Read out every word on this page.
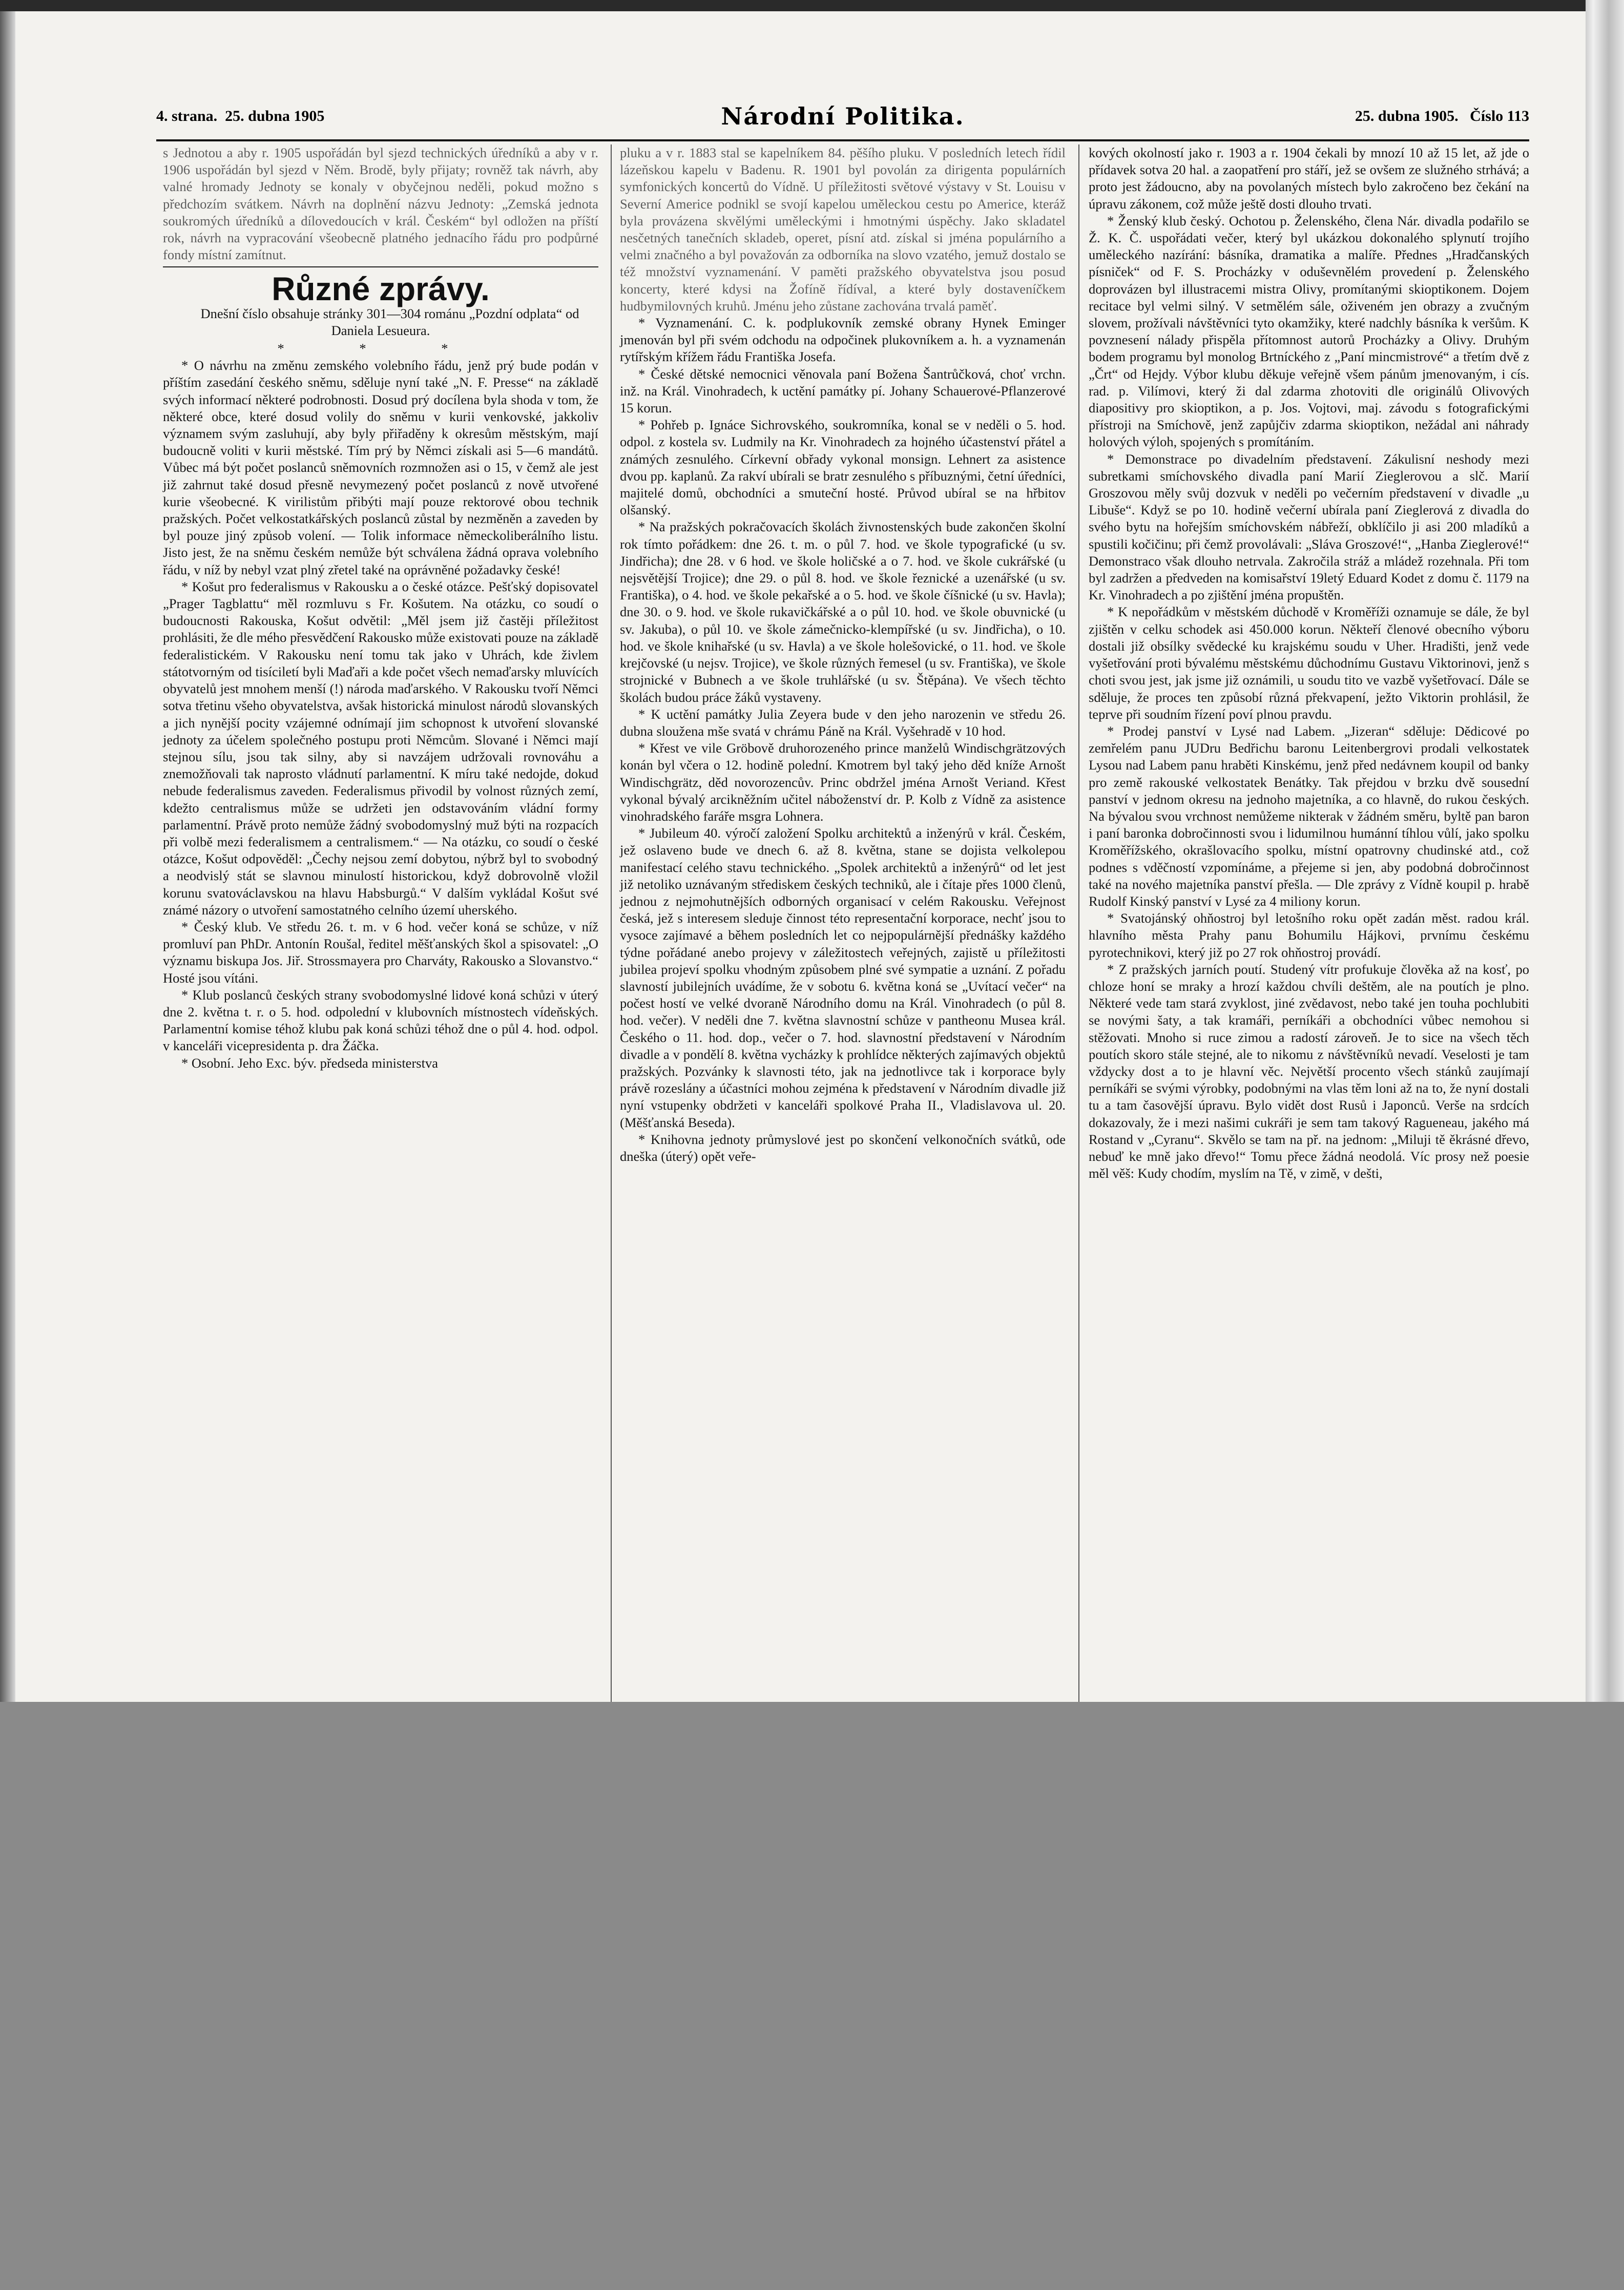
4. strana. 25. dubna 1905	Národní Politika.	25. dubna 1905. Číslo 113

s Jednotou a aby r. 1905 uspořádán byl sjezd technických úředníků a aby v r. 1906 uspořádán byl sjezd v Něm. Brodě, byly přijaty; rovněž tak návrh, aby valné hromady Jednoty se konaly v obyčejnou neděli, pokud možno s předchozím svátkem. Návrh na doplnění názvu Jednoty: „Zemská jednota soukromých úředníků a dílovedoucích v král. Českém“ byl odložen na příští rok, návrh na vypracování všeobecně platného jednacího řádu pro podpůrné fondy místní zamítnut.

Různé zprávy.

Dnešní číslo obsahuje stránky 301—304 románu „Pozdní odplata“ od Daniela Lesueura.

* * *

* O návrhu na změnu zemského volebního řádu, jenž prý bude podán v příštím zasedání českého sněmu, sděluje nyní také „N. F. Presse“ na základě svých informací některé podrobnosti. Dosud prý docílena byla shoda v tom, že některé obce, které dosud volily do sněmu v kurii venkovské, jakkoliv významem svým zasluhují, aby byly přiřaděny k okresům městským, mají budoucně voliti v kurii městské. Tím prý by Němci získali asi 5—6 mandátů. Vůbec má být počet poslanců sněmovních rozmnožen asi o 15, v čemž ale jest již zahrnut také dosud přesně nevymezený počet poslanců z nově utvořené kurie všeobecné. K virilistům přibýti mají pouze rektorové obou technik pražských. Počet velkostatkářských poslanců zůstal by nezměněn a zaveden by byl pouze jiný způsob volení. — Tolik informace německoliberálního listu. Jisto jest, že na sněmu českém nemůže být schválena žádná oprava volebního řádu, v níž by nebyl vzat plný zřetel také na oprávněné požadavky české!

* Košut pro federalismus v Rakousku a o české otázce. Pešťský dopisovatel „Prager Tagblattu“ měl rozmluvu s Fr. Košutem. Na otázku, co soudí o budoucnosti Rakouska, Košut odvětil: „Měl jsem již častěji příležitost prohlásiti, že dle mého přesvědčení Rakousko může existovati pouze na základě federalistickém. V Rakousku není tomu tak jako v Uhrách, kde živlem státotvorným od tisíciletí byli Maďaři a kde počet všech nemaďarsky mluvících obyvatelů jest mnohem menší (!) národa maďarského. V Rakousku tvoří Němci sotva třetinu všeho obyvatelstva, avšak historická minulost národů slovanských a jich nynější pocity vzájemné odnímají jim schopnost k utvoření slovanské jednoty za účelem společného postupu proti Němcům. Slované i Němci mají stejnou sílu, jsou tak silny, aby si navzájem udržovali rovnováhu a znemožňovali tak naprosto vládnutí parlamentní. K míru také nedojde, dokud nebude federalismus zaveden. Federalismus přivodil by volnost různých zemí, kdežto centralismus může se udržeti jen odstavováním vládní formy parlamentní. Právě proto nemůže žádný svobodomyslný muž býti na rozpacích při volbě mezi federalismem a centralismem.“ — Na otázku, co soudí o české otázce, Košut odpověděl: „Čechy nejsou zemí dobytou, nýbrž byl to svobodný a neodvislý stát se slavnou minulostí historickou, když dobrovolně vložil korunu svatováclavskou na hlavu Habsburgů.“ V dalším vykládal Košut své známé názory o utvoření samostatného celního území uherského.

* Český klub. Ve středu 26. t. m. v 6 hod. večer koná se schůze, v níž promluví pan PhDr. Antonín Roušal, ředitel měšťanských škol a spisovatel: „O významu biskupa Jos. Jiř. Strossmayera pro Charváty, Rakousko a Slovanstvo.“ Hosté jsou vítáni.

* Klub poslanců českých strany svobodomyslné lidové koná schůzi v úterý dne 2. května t. r. o 5. hod. odpolední v klubovních místnostech vídeňských. Parlamentní komise téhož klubu pak koná schůzi téhož dne o půl 4. hod. odpol. v kanceláři vicepresidenta p. dra Žáčka.

* Osobní. Jeho Exc. býv. předseda ministerstva

pluku a v r. 1883 stal se kapelníkem 84. pěšího pluku. V posledních letech řídil lázeňskou kapelu v Badenu. R. 1901 byl povolán za dirigenta populárních symfonických koncertů do Vídně. U příležitosti světové výstavy v St. Louisu v Severní Americe podnikl se svojí kapelou uměleckou cestu po Americe, kteráž byla provázena skvělými uměleckými i hmotnými úspěchy. Jako skladatel nesčetných tanečních skladeb, operet, písní atd. získal si jména populárního a velmi značného a byl považován za odborníka na slovo vzatého, jemuž dostalo se též množství vyznamenání. V paměti pražského obyvatelstva jsou posud koncerty, které kdysi na Žofíně řídíval, a které byly dostaveníčkem hudbymilovných kruhů. Jménu jeho zůstane zachována trvalá paměť.

* Vyznamenání. C. k. podplukovník zemské obrany Hynek Eminger jmenován byl při svém odchodu na odpočinek plukovníkem a. h. a vyznamenán rytířským křížem řádu Františka Josefa.

* České dětské nemocnici věnovala paní Božena Šantrůčková, choť vrchn. inž. na Král. Vinohradech, k uctění památky pí. Johany Schauerové-Pflanzerové 15 korun.

* Pohřeb p. Ignáce Sichrovského, soukromníka, konal se v neděli o 5. hod. odpol. z kostela sv. Ludmily na Kr. Vinohradech za hojného účastenství přátel a známých zesnulého. Církevní obřady vykonal monsign. Lehnert za asistence dvou pp. kaplanů. Za rakví ubírali se bratr zesnulého s příbuznými, četní úředníci, majitelé domů, obchodníci a smuteční hosté. Průvod ubíral se na hřbitov olšanský.

* Na pražských pokračovacích školách živnostenských bude zakončen školní rok tímto pořádkem: dne 26. t. m. o půl 7. hod. ve škole typografické (u sv. Jindřicha); dne 28. v 6 hod. ve škole holičské a o 7. hod. ve škole cukrářské (u nejsvětější Trojice); dne 29. o půl 8. hod. ve škole řeznické a uzenářské (u sv. Františka), o 4. hod. ve škole pekařské a o 5. hod. ve škole číšnické (u sv. Havla); dne 30. o 9. hod. ve škole rukavičkářské a o půl 10. hod. ve škole obuvnické (u sv. Jakuba), o půl 10. ve škole zámečnicko-klempířské (u sv. Jindřicha), o 10. hod. ve škole knihařské (u sv. Havla) a ve škole holešovické, o 11. hod. ve škole krejčovské (u nejsv. Trojice), ve škole různých řemesel (u sv. Františka), ve škole strojnické v Bubnech a ve škole truhlářské (u sv. Štěpána). Ve všech těchto školách budou práce žáků vystaveny.

* K uctění památky Julia Zeyera bude v den jeho narozenin ve středu 26. dubna sloužena mše svatá v chrámu Páně na Král. Vyšehradě v 10 hod.

* Křest ve vile Gröbově druhorozeného prince manželů Windischgrätzových konán byl včera o 12. hodině polední. Kmotrem byl taký jeho děd kníže Arnošt Windischgrätz, děd novorozencův. Princ obdržel jména Arnošt Veriand. Křest vykonal bývalý arcikněžním učitel náboženství dr. P. Kolb z Vídně za asistence vinohradského faráře msgra Lohnera.

* Jubileum 40. výročí založení Spolku architektů a inženýrů v král. Českém, jež oslaveno bude ve dnech 6. až 8. května, stane se dojista velkolepou manifestací celého stavu technického. „Spolek architektů a inženýrů“ od let jest již netoliko uznávaným střediskem českých techniků, ale i čítaje přes 1000 členů, jednou z nejmohutnějších odborných organisací v celém Rakousku. Veřejnost česká, jež s interesem sleduje činnost této representační korporace, nechť jsou to vysoce zajímavé a během posledních let co nejpopulárnější přednášky každého týdne pořádané anebo projevy v záležitostech veřejných, zajistě u příležitosti jubilea projeví spolku vhodným způsobem plné své sympatie a uznání. Z pořadu slavností jubilejních uvádíme, že v sobotu 6. května koná se „Uvítací večer“ na počest hostí ve velké dvoraně Národního domu na Král. Vinohradech (o půl 8. hod. večer). V neděli dne 7. května slavnostní schůze v pantheonu Musea král. Českého o 11. hod. dop., večer o 7. hod. slavnostní představení v Národním divadle a v pondělí 8. května vycházky k prohlídce některých zajímavých objektů pražských. Pozvánky k slavnosti této, jak na jednotlivce tak i korporace byly právě rozeslány a účastníci mohou zejména k představení v Národním divadle již nyní vstupenky obdržeti v kanceláři spolkové Praha II., Vladislavova ul. 20. (Měšťanská Beseda).

* Knihovna jednoty průmyslové jest po skončení velkonočních svátků, ode dneška (úterý) opět veře-

kových okolností jako r. 1903 a r. 1904 čekali by mnozí 10 až 15 let, až jde o přídavek sotva 20 hal. a zaopatření pro stáří, jež se ovšem ze služného strhává; a proto jest žádoucno, aby na povolaných místech bylo zakročeno bez čekání na úpravu zákonem, což může ještě dosti dlouho trvati.

* Ženský klub český. Ochotou p. Želenského, člena Nár. divadla podařilo se Ž. K. Č. uspořádati večer, který byl ukázkou dokonalého splynutí trojího uměleckého nazírání: básníka, dramatika a malíře. Přednes „Hradčanských písniček“ od F. S. Procházky v oduševnělém provedení p. Želenského doprovázen byl illustracemi mistra Olivy, promítanými skioptikonem. Dojem recitace byl velmi silný. V setmělém sále, oživeném jen obrazy a zvučným slovem, prožívali návštěvníci tyto okamžiky, které nadchly básníka k veršům. K povznesení nálady přispěla přítomnost autorů Procházky a Olivy. Druhým bodem programu byl monolog Brtníckého z „Paní mincmistrové“ a třetím dvě z „Črt“ od Hejdy. Výbor klubu děkuje veřejně všem pánům jmenovaným, i cís. rad. p. Vilímovi, který ži dal zdarma zhotoviti dle originálů Olivových diapositivy pro skioptikon, a p. Jos. Vojtovi, maj. závodu s fotografickými přístroji na Smíchově, jenž zapůjčiv zdarma skioptikon, nežádal ani náhrady holových výloh, spojených s promítáním.

* Demonstrace po divadelním představení. Zákulisní neshody mezi subretkami smíchovského divadla paní Marií Zieglerovou a slč. Marií Groszovou měly svůj dozvuk v neděli po večerním představení v divadle „u Libuše“. Když se po 10. hodině večerní ubírala paní Zieglerová z divadla do svého bytu na hořejším smíchovském nábřeží, obklíčilo ji asi 200 mladíků a spustili kočičinu; při čemž provolávali: „Sláva Groszové!“, „Hanba Zieglerové!“ Demonstraco však dlouho netrvala. Zakročila stráž a mládež rozehnala. Při tom byl zadržen a předveden na komisařství 19letý Eduard Kodet z domu č. 1179 na Kr. Vinohradech a po zjištění jména propuštěn.

* K nepořádkům v městském důchodě v Kroměříži oznamuje se dále, že byl zjištěn v celku schodek asi 450.000 korun. Někteří členové obecního výboru dostali již obsílky svědecké ku krajskému soudu v Uher. Hradišti, jenž vede vyšetřování proti bývalému městskému důchodnímu Gustavu Viktorinovi, jenž s choti svou jest, jak jsme již oznámili, u soudu tito ve vazbě vyšetřovací. Dále se sděluje, že proces ten způsobí různá překvapení, ježto Viktorin prohlásil, že teprve při soudním řízení poví plnou pravdu.

* Prodej panství v Lysé nad Labem. „Jizeran“ sděluje: Dědicové po zemřelém panu JUDru Bedřichu baronu Leitenbergrovi prodali velkostatek Lysou nad Labem panu hraběti Kinskému, jenž před nedávnem koupil od banky pro země rakouské velkostatek Benátky. Tak přejdou v brzku dvě sousední panství v jednom okresu na jednoho majetníka, a co hlavně, do rukou českých. Na bývalou svou vrchnost nemůžeme nikterak v žádném směru, byltě pan baron i paní baronka dobročinnosti svou i lidumilnou humánní tíhlou vůlí, jako spolku Kroměřížského, okrašlovacího spolku, místní opatrovny chudinské atd., což podnes s vděčností vzpomínáme, a přejeme si jen, aby podobná dobročinnost také na nového majetníka panství přešla. — Dle zprávy z Vídně koupil p. hrabě Rudolf Kinský panství v Lysé za 4 miliony korun.

* Svatojánský ohňostroj byl letošního roku opět zadán měst. radou král. hlavního města Prahy panu Bohumilu Hájkovi, prvnímu českému pyrotechnikovi, který již po 27 rok ohňostroj provádí.

* Z pražských jarních poutí. Studený vítr profukuje člověka až na kosť, po chloze honí se mraky a hrozí každou chvíli deštěm, ale na poutích je plno. Některé vede tam stará zvyklost, jiné zvědavost, nebo také jen touha pochlubiti se novými šaty, a tak kramáři, perníkáři a obchodníci vůbec nemohou si stěžovati. Mnoho si ruce zimou a radostí zároveň. Je to sice na všech těch poutích skoro stále stejné, ale to nikomu z návštěvníků nevadí. Veselosti je tam vždycky dost a to je hlavní věc. Největší procento všech stánků zaujímají perníkáři se svými výrobky, podobnými na vlas těm loni až na to, že nyní dostali tu a tam časovější úpravu. Bylo vidět dost Rusů i Japonců. Verše na srdcích dokazovaly, že i mezi našimi cukráři je sem tam takový Ragueneau, jakého má Rostand v „Cyranu“. Skvělo se tam na př. na jednom: „Miluji tě ěkrásné dřevo, nebuď ke mně jako dřevo!“ Tomu přece žádná neodolá. Víc prosy než poesie měl věš: Kudy chodím, myslím na Tě, v zimě, v dešti,
